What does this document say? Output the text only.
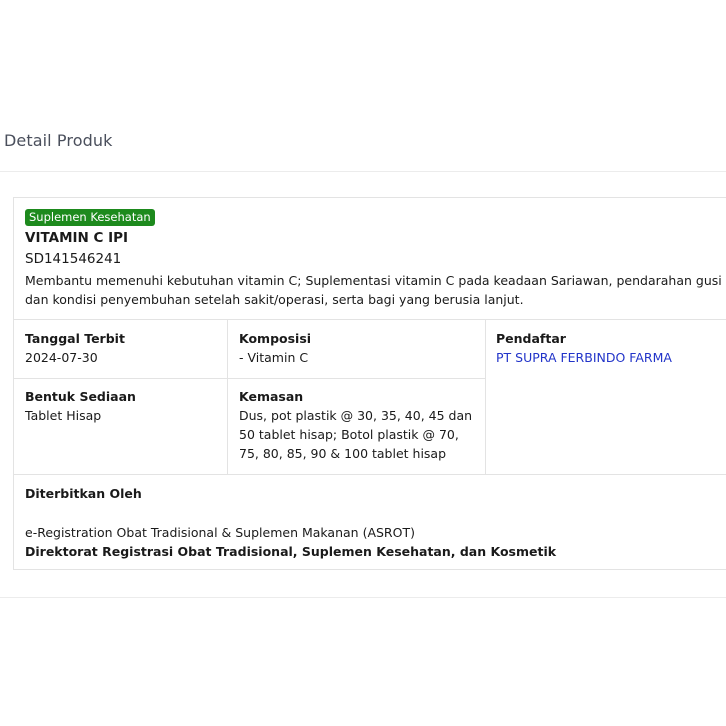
Detail Produk
Suplemen Kesehatan
VITAMIN C IPI
SD141546241
Membantu memenuhi kebutuhan vitamin C; Suplementasi vitamin C pada keadaan Sariawan, pendarahan gusi dan kondisi penyembuhan setelah sakit/operasi, serta bagi yang berusia lanjut.
Tanggal Terbit
2024-07-30
Komposisi
- Vitamin C
Pendaftar
PT SUPRA FERBINDO FARMA
Bentuk Sediaan
Tablet Hisap
Kemasan
Dus, pot plastik @ 30, 35, 40, 45 dan 50 tablet hisap; Botol plastik @ 70, 75, 80, 85, 90 & 100 tablet hisap
Diterbitkan Oleh
e-Registration Obat Tradisional & Suplemen Makanan (ASROT)
Direktorat Registrasi Obat Tradisional, Suplemen Kesehatan, dan Kosmetik
